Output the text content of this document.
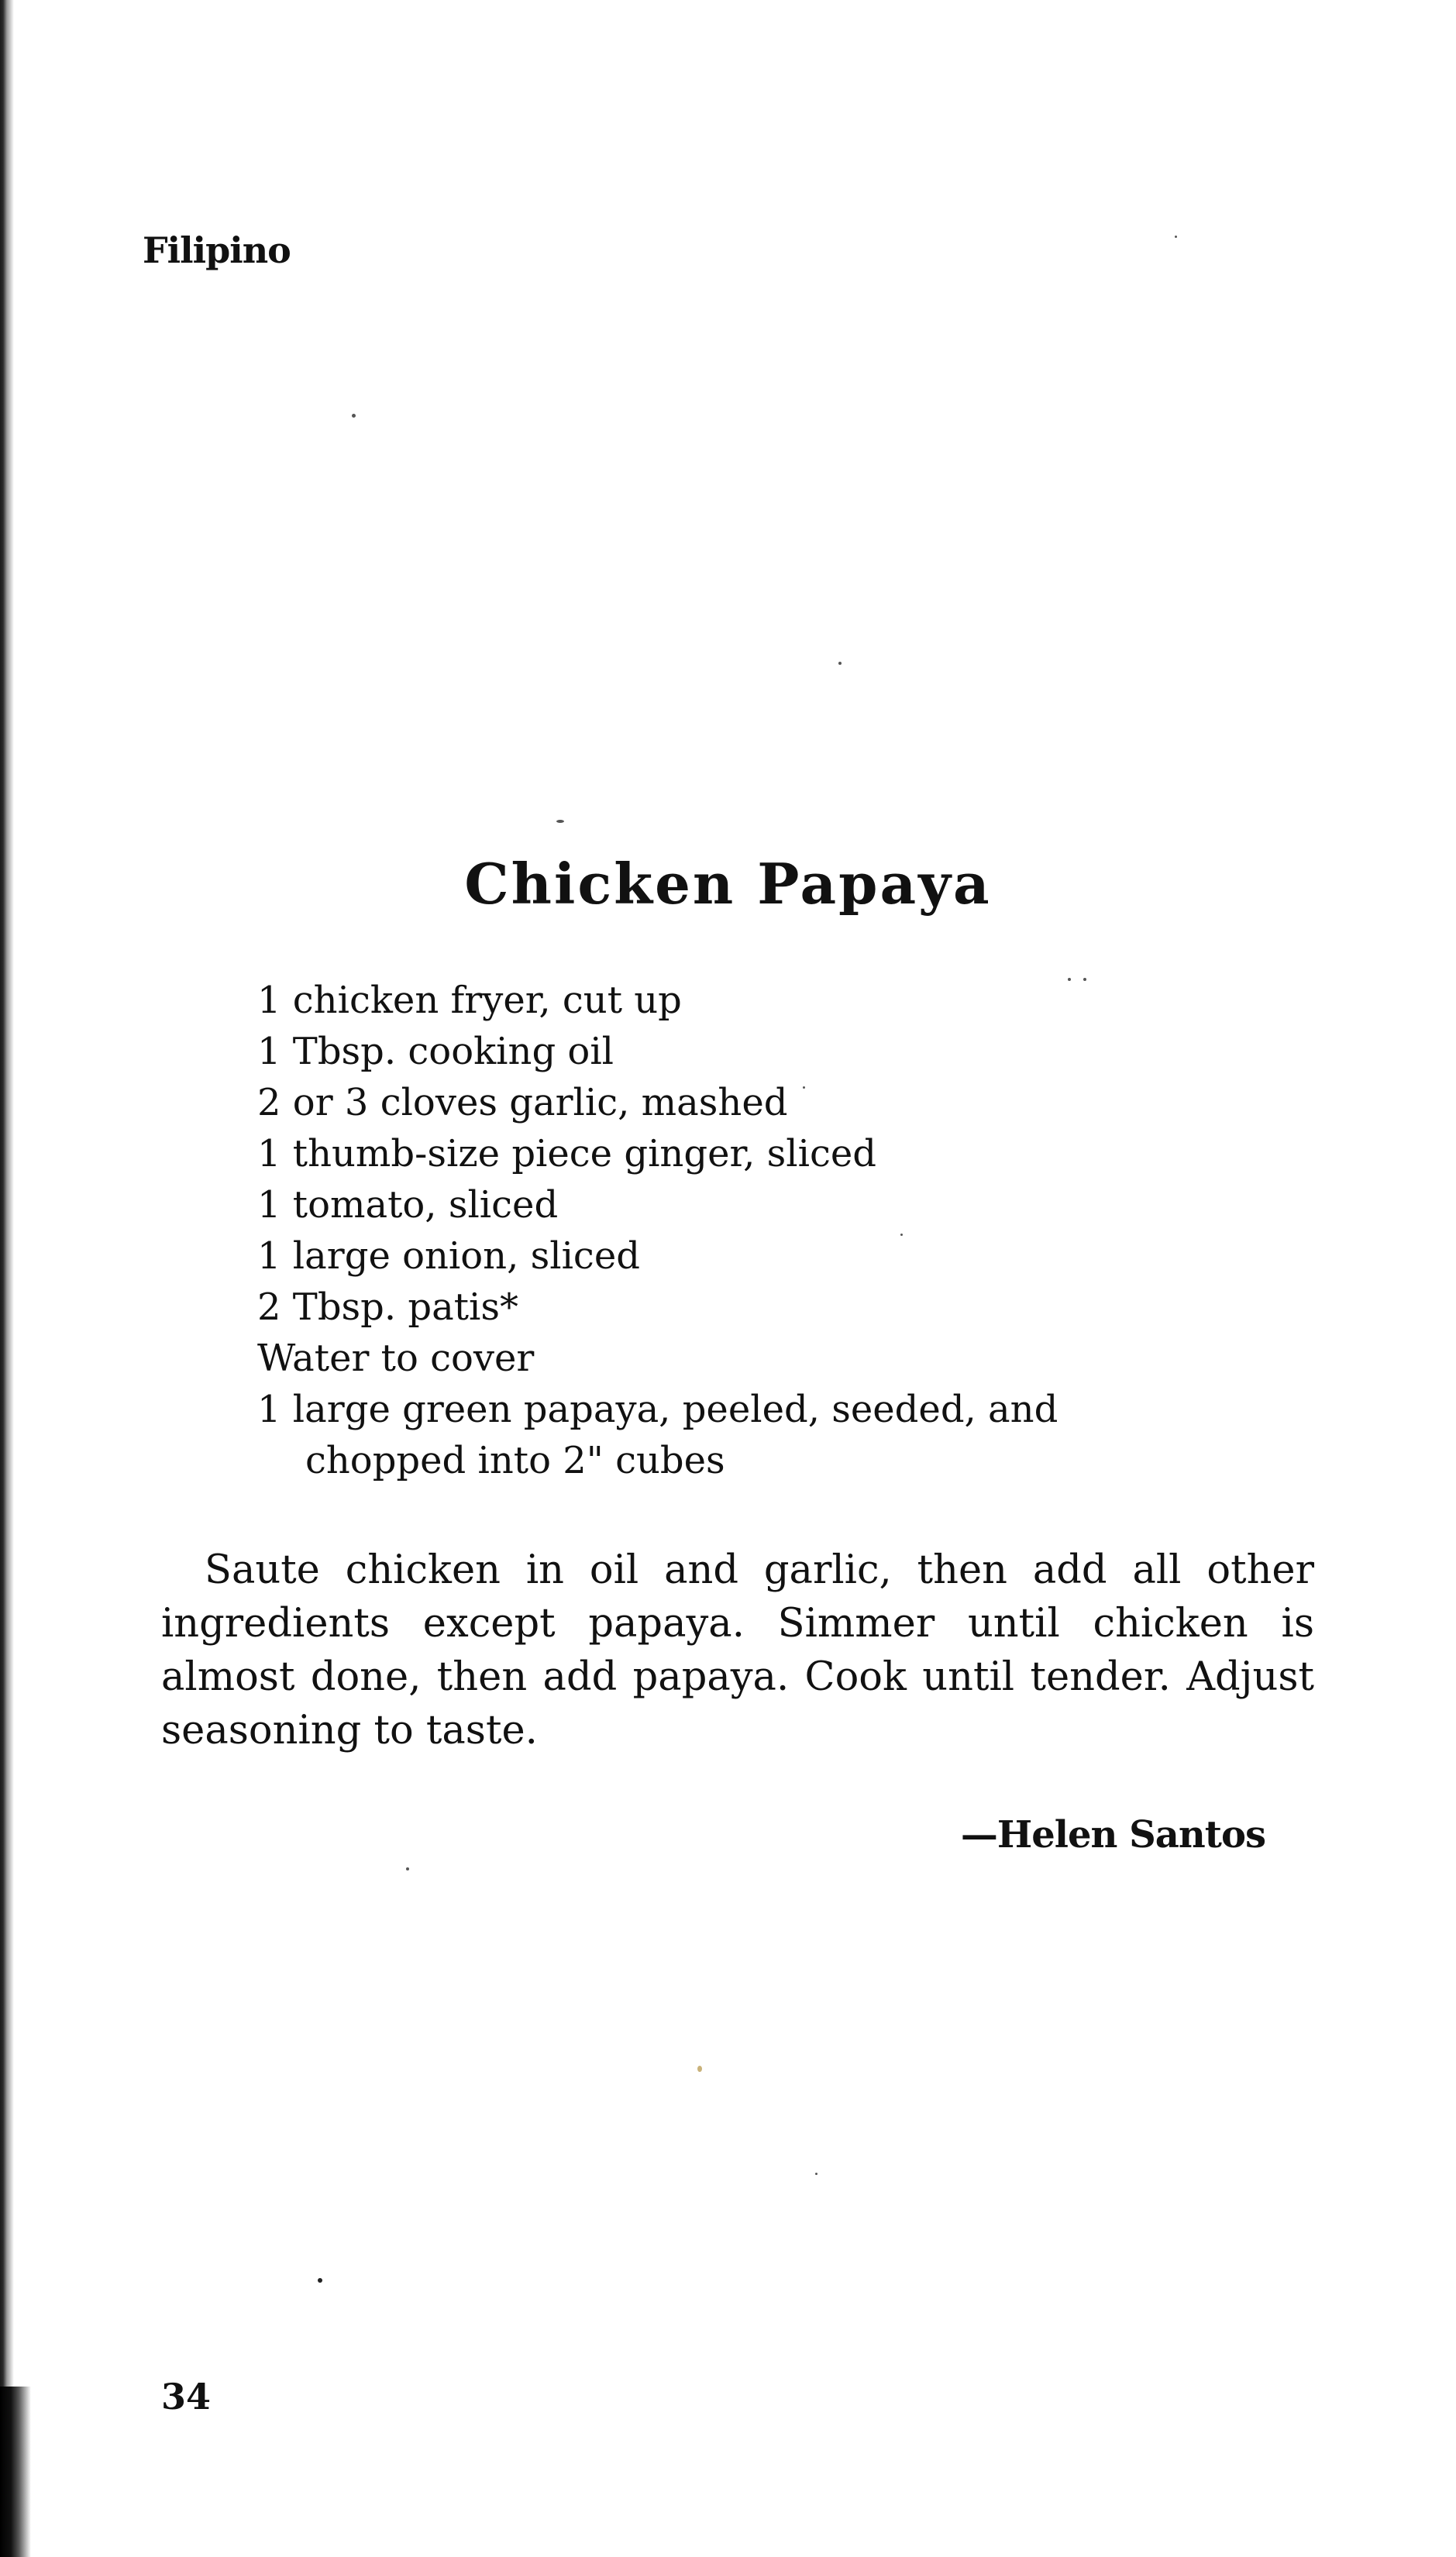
Filipino
Chicken Papaya
1 chicken fryer, cut up
1 Tbsp. cooking oil
2 or 3 cloves garlic, mashed
1 thumb-size piece ginger, sliced
1 tomato, sliced
1 large onion, sliced
2 Tbsp. patis*
Water to cover
1 large green papaya, peeled, seeded, and
chopped into 2" cubes

Saute chicken in oil and garlic, then add all other ingredients except papaya. Simmer until chicken is almost done, then add papaya. Cook until tender. Adjust seasoning to taste.

—Helen Santos
34
